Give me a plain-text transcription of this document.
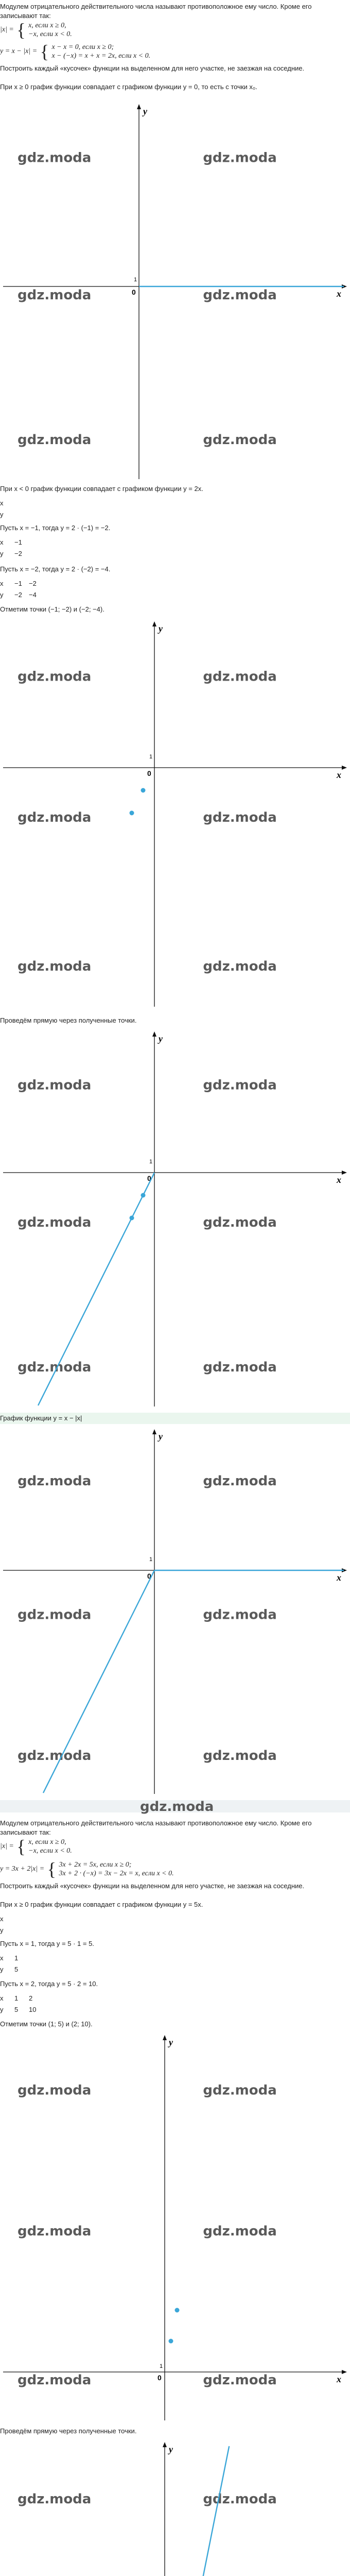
Модулем отрицательного действительного числа называют противоположное ему число. Кроме его записывают так:
|x| = { x, если x ≥ 0,
−x, если x < 0.
y = x − |x| = { x − x = 0, если x ≥ 0;
x − (−x) = x + x = 2x, если x < 0.
Построить каждый «кусочек» функции на выделенном для него участке, не заезжая на соседние.
При x ≥ 0 график функции совпадает с графиком функции y = 0, то есть с точки x₀.
gdz.moda	gdz.moda
gdz.moda	gdz.moda
gdz.moda	gdz.moda
x
y
0
1
При x < 0 график функции совпадает с графиком функции y = 2x.
x
y
Пусть x = −1, тогда y = 2 · (−1) = −2.
x	−1
y	−2
Пусть x = −2, тогда y = 2 · (−2) = −4.
x	−1	−2
y	−2	−4
Отметим точки (−1; −2) и (−2; −4).
gdz.moda	gdz.moda
gdz.moda	gdz.moda
gdz.moda	gdz.moda
x
y
0
1
Проведём прямую через полученные точки.
gdz.moda	gdz.moda
gdz.moda	gdz.moda
gdz.moda	gdz.moda
x
y
0
1
График функции y = x − |x|
gdz.moda	gdz.moda
gdz.moda	gdz.moda
gdz.moda	gdz.moda
x
y
0
1
gdz.moda
Модулем отрицательного действительного числа называют противоположное ему число. Кроме его записывают так:
|x| = { x, если x ≥ 0,
−x, если x < 0.
y = 3x + 2|x| = { 3x + 2x = 5x, если x ≥ 0;
3x + 2 · (−x) = 3x − 2x = x, если x < 0.
Построить каждый «кусочек» функции на выделенном для него участке, не заезжая на соседние.
При x ≥ 0 график функции совпадает с графиком функции y = 5x.
x
y
Пусть x = 1, тогда y = 5 · 1 = 5.
x	1
y	5
Пусть x = 2, тогда y = 5 · 2 = 10.
x	1	2
y	5	10
Отметим точки (1; 5) и (2; 10).
gdz.moda	gdz.moda
gdz.moda	gdz.moda
gdz.moda	gdz.moda	x
y
0
1
Проведём прямую через полученные точки.
gdz.moda	gdz.moda
y
